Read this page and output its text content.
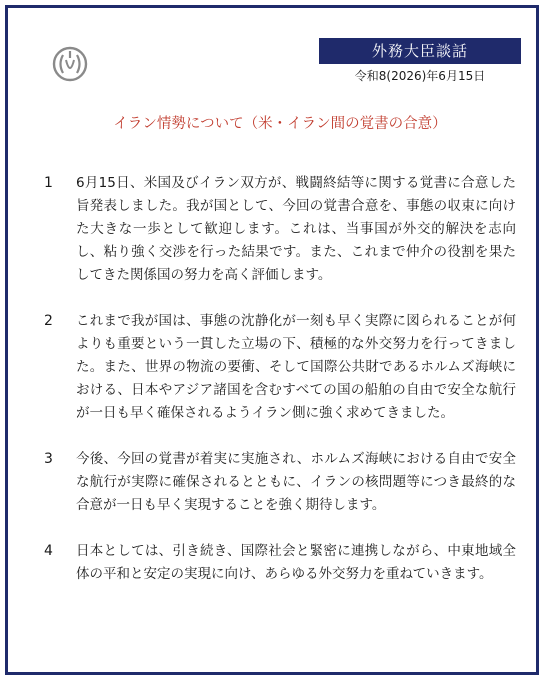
外務大臣談話
令和8(2026)年6月15日
イラン情勢について（米・イラン間の覚書の合意）
1	6月15日、米国及びイラン双方が、戦闘終結等に関する覚書に合意した旨発表しました。我が国として、今回の覚書合意を、事態の収束に向けた大きな一歩として歓迎します。これは、当事国が外交的解決を志向し、粘り強く交渉を行った結果です。また、これまで仲介の役割を果たしてきた関係国の努力を高く評価します。
2	これまで我が国は、事態の沈静化が一刻も早く実際に図られることが何よりも重要という一貫した立場の下、積極的な外交努力を行ってきました。また、世界の物流の要衝、そして国際公共財であるホルムズ海峡における、日本やアジア諸国を含むすべての国の船舶の自由で安全な航行が一日も早く確保されるようイラン側に強く求めてきました。
3	今後、今回の覚書が着実に実施され、ホルムズ海峡における自由で安全な航行が実際に確保されるとともに、イランの核問題等につき最終的な合意が一日も早く実現することを強く期待します。
4	日本としては、引き続き、国際社会と緊密に連携しながら、中東地域全体の平和と安定の実現に向け、あらゆる外交努力を重ねていきます。
